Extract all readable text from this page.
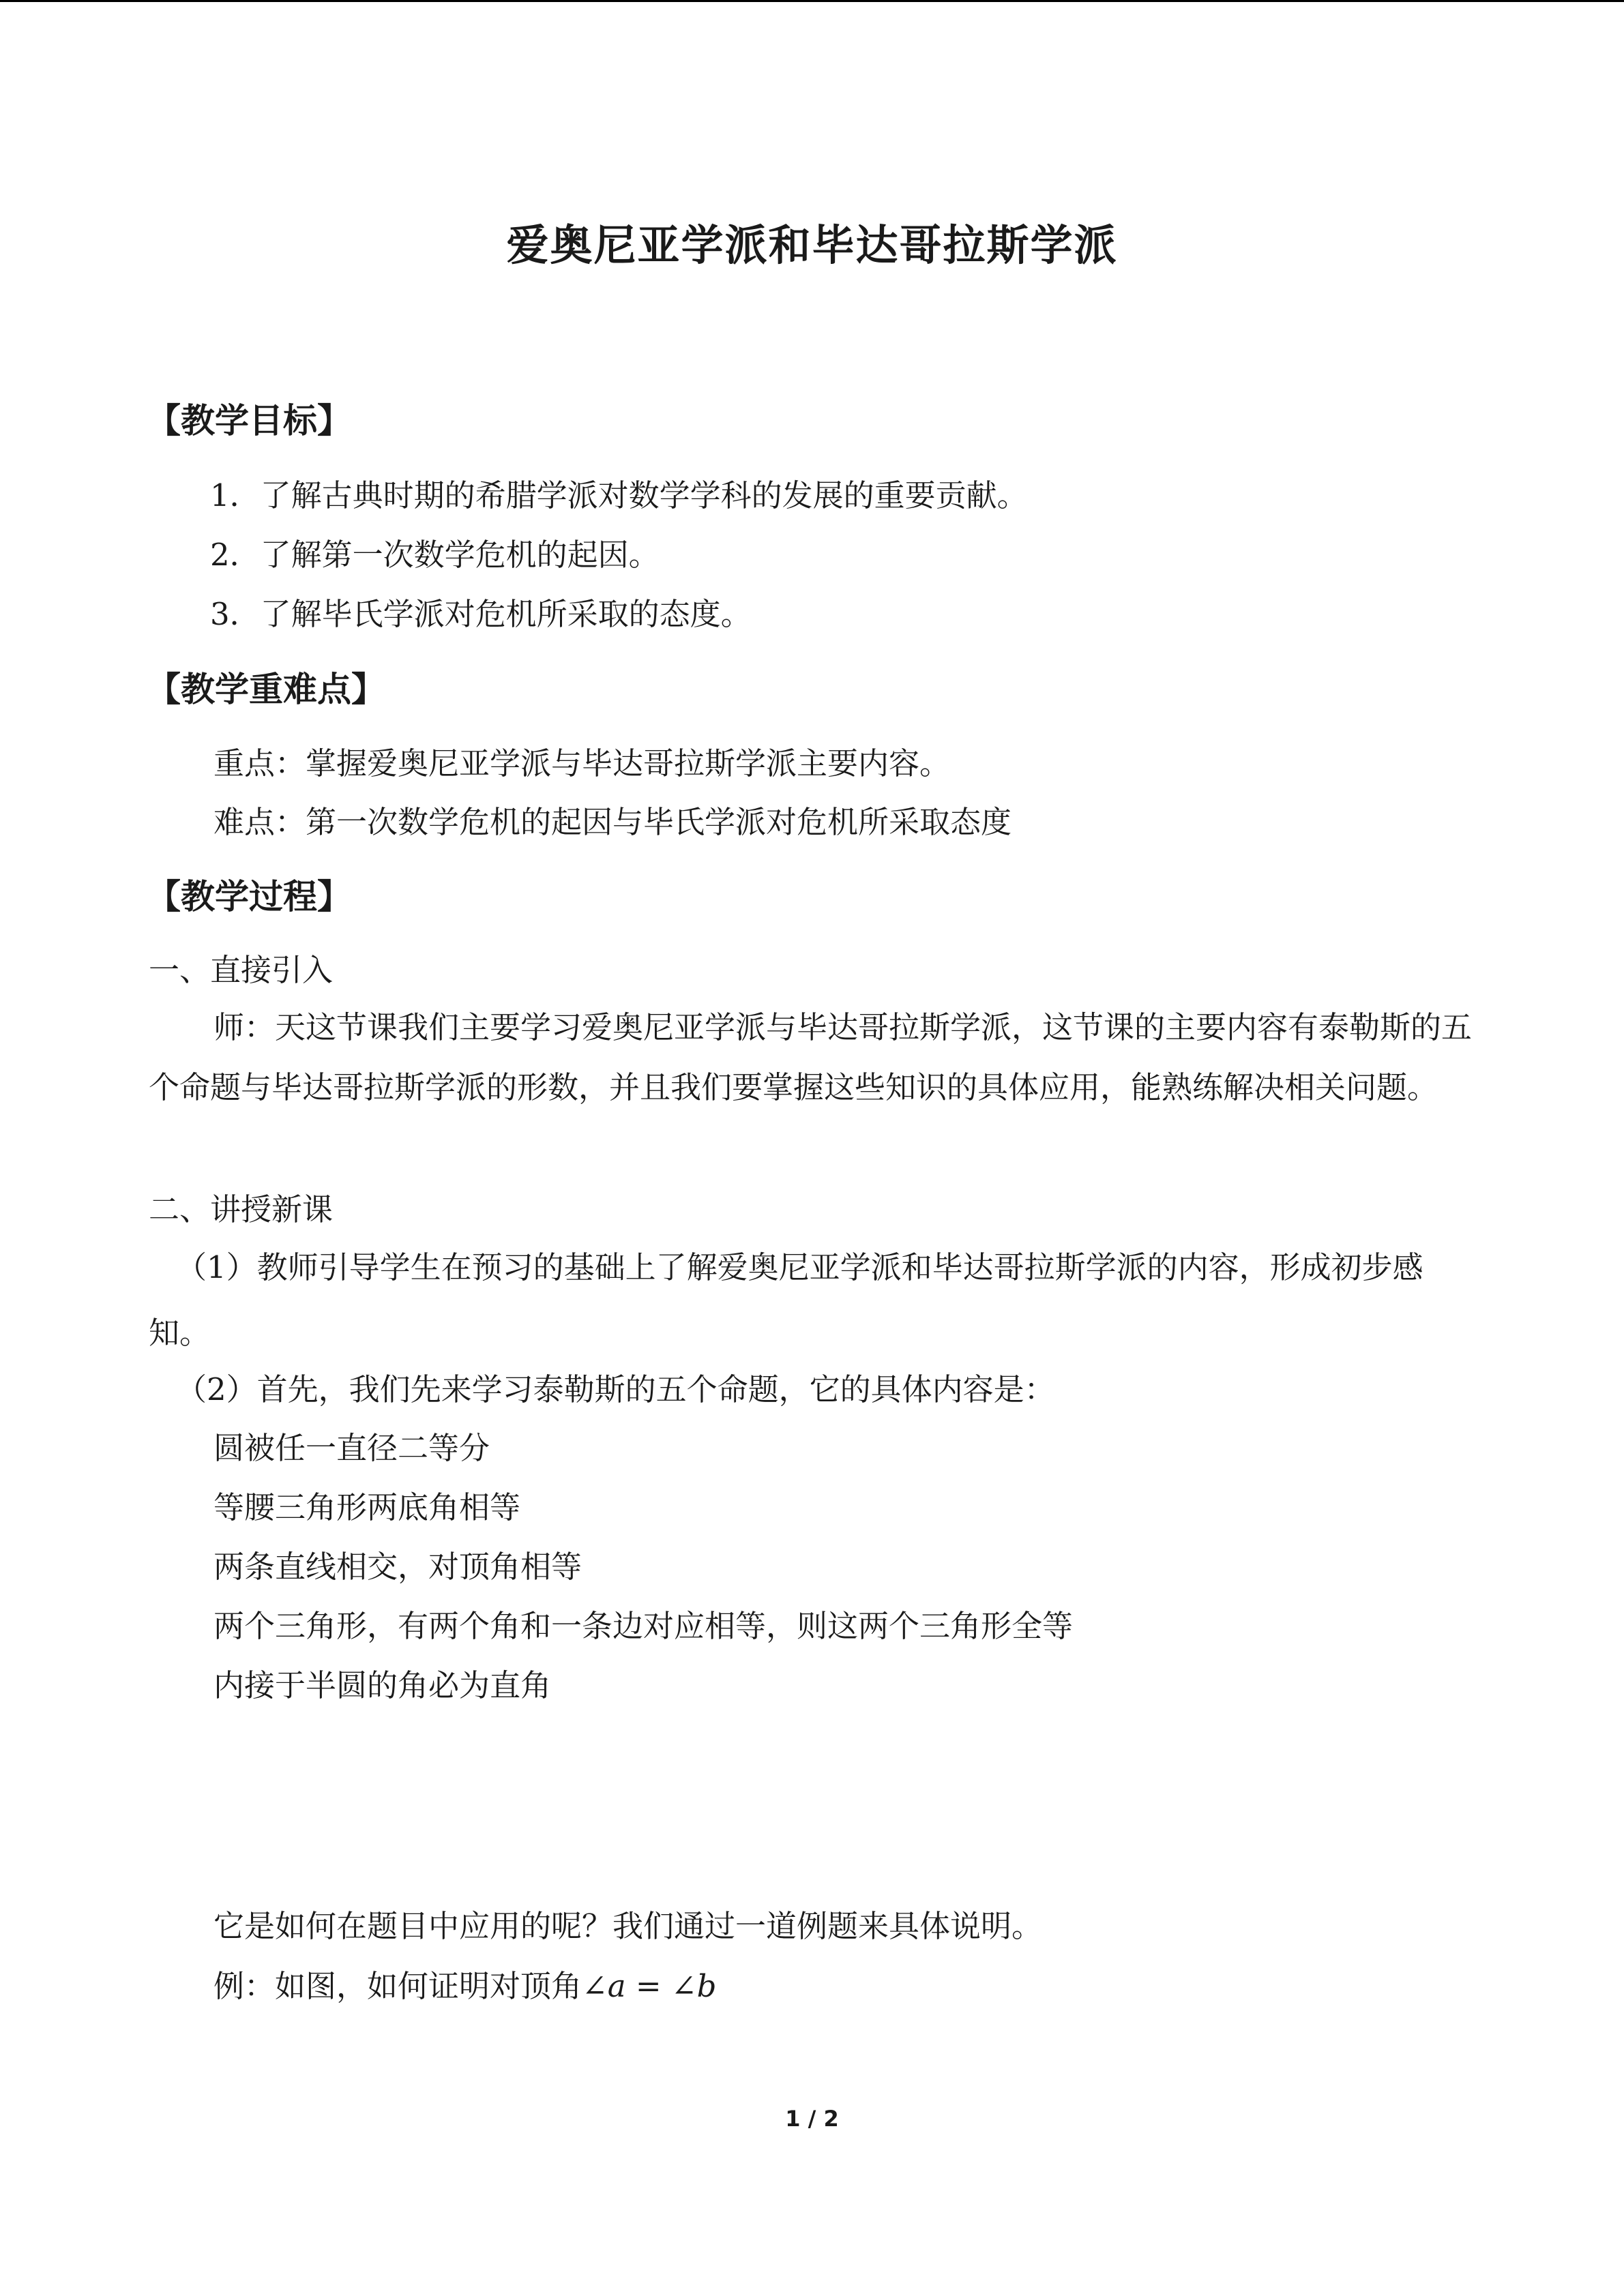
爱奥尼亚学派和毕达哥拉斯学派
【教学目标】
1．了解古典时期的希腊学派对数学学科的发展的重要贡献。
2．了解第一次数学危机的起因。
3．了解毕氏学派对危机所采取的态度。
【教学重难点】
重点：掌握爱奥尼亚学派与毕达哥拉斯学派主要内容。
难点：第一次数学危机的起因与毕氏学派对危机所采取态度
【教学过程】
一、直接引入
师：天这节课我们主要学习爱奥尼亚学派与毕达哥拉斯学派，这节课的主要内容有泰勒斯的五个命题与毕达哥拉斯学派的形数，并且我们要掌握这些知识的具体应用，能熟练解决相关问题。
二、讲授新课
（1）教师引导学生在预习的基础上了解爱奥尼亚学派和毕达哥拉斯学派的内容，形成初步感知。
（2）首先，我们先来学习泰勒斯的五个命题，它的具体内容是：
圆被任一直径二等分
等腰三角形两底角相等
两条直线相交，对顶角相等
两个三角形，有两个角和一条边对应相等，则这两个三角形全等
内接于半圆的角必为直角
它是如何在题目中应用的呢？我们通过一道例题来具体说明。
例：如图，如何证明对顶角∠a = ∠b
1 / 2
